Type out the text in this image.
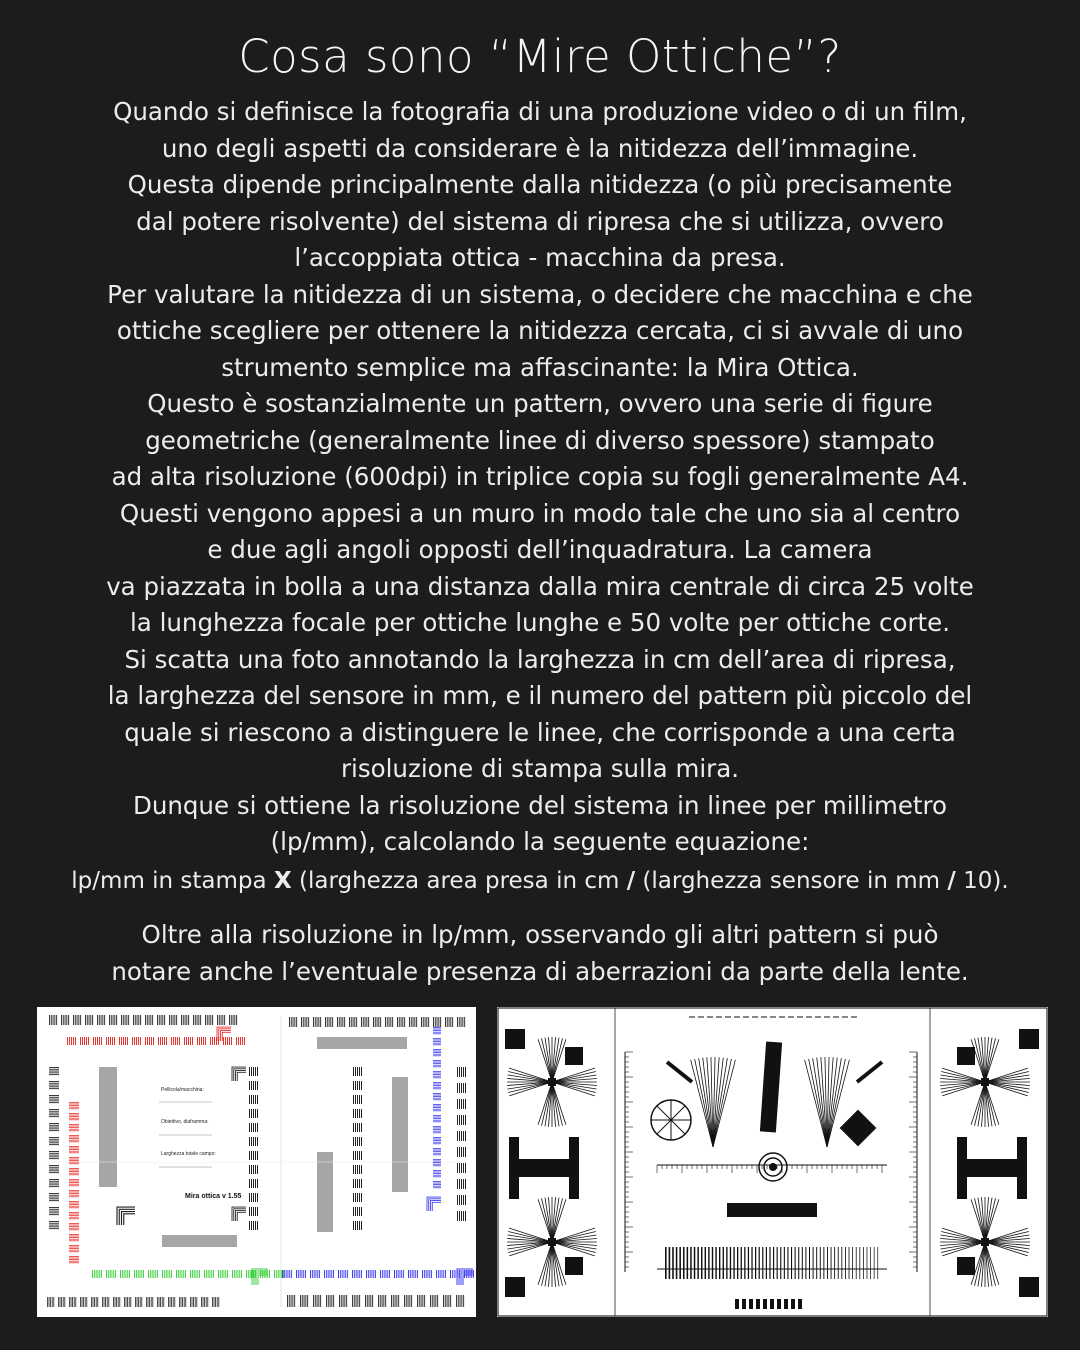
Cosa sono “Mire Ottiche”?
Quando si definisce la fotografia di una produzione video o di un film,
uno degli aspetti da considerare è la nitidezza dell’immagine.
Questa dipende principalmente dalla nitidezza (o più precisamente
dal potere risolvente) del sistema di ripresa che si utilizza, ovvero
l’accoppiata ottica - macchina da presa.
Per valutare la nitidezza di un sistema, o decidere che macchina e che
ottiche scegliere per ottenere la nitidezza cercata, ci si avvale di uno
strumento semplice ma affascinante: la Mira Ottica.
Questo è sostanzialmente un pattern, ovvero una serie di figure
geometriche (generalmente linee di diverso spessore) stampato
ad alta risoluzione (600dpi) in triplice copia su fogli generalmente A4.
Questi vengono appesi a un muro in modo tale che uno sia al centro
e due agli angoli opposti dell’inquadratura. La camera
va piazzata in bolla a una distanza dalla mira centrale di circa 25 volte
la lunghezza focale per ottiche lunghe e 50 volte per ottiche corte.
Si scatta una foto annotando la larghezza in cm dell’area di ripresa,
la larghezza del sensore in mm, e il numero del pattern più piccolo del
quale si riescono a distinguere le linee, che corrisponde a una certa
risoluzione di stampa sulla mira.
Dunque si ottiene la risoluzione del sistema in linee per millimetro
(lp/mm), calcolando la seguente equazione:
lp/mm in stampa X (larghezza area presa in cm / (larghezza sensore in mm / 10).
Oltre alla risoluzione in lp/mm, osservando gli altri pattern si può
notare anche l’eventuale presenza di aberrazioni da parte della lente.
Pellicola/macchina:
Obiettivo, diaframma:
Larghezza totale campo:
Mira ottica v 1.55
